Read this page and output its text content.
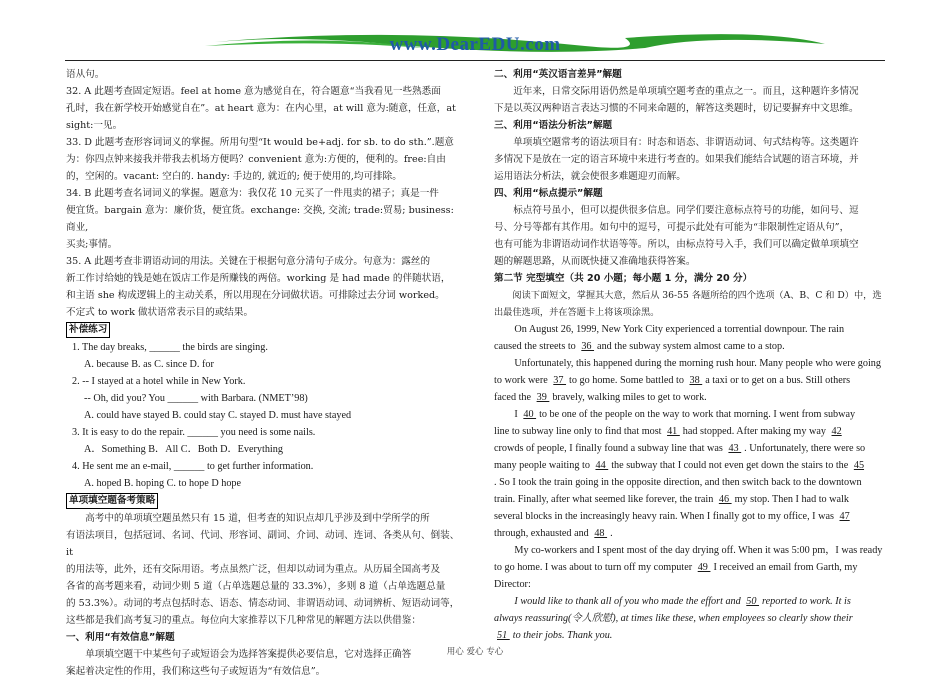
www.DearEDU.com

语从句。

32. A 此题考查固定短语。feel at home 意为感觉自在，符合题意“当我看见一些熟悉面

孔时，我在新学校开始感觉自在”。at heart 意为：在内心里，at will 意为:随意，任意，at

sight:一见。

33. D 此题考查形容词词义的掌握。所用句型“It would be+adj. for sb. to do sth.”.题意

为：你四点钟来接我并带我去机场方便吗？convenient 意为:方便的，便利的。free:自由

的，空闲的。vacant: 空白的. handy: 手边的, 就近的; 便于使用的,均可排除。

34. B 此题考查名词词义的掌握。题意为：我仅花 10 元买了一件甩卖的裙子；真是一件

便宜货。bargain 意为：廉价货，便宜货。exchange: 交换, 交流; trade:贸易; business: 商业,

买卖;事情。

35. A 此题考查非谓语动词的用法。关键在于根据句意分清句子成分。句意为：露丝的

新工作讨给她的钱是她在饭店工作是所赚钱的两倍。working 是 had made 的伴随状语，

和主语 she 构成逻辑上的主动关系，所以用现在分词做状语。可排除过去分词 worked。

不定式 to work 做状语常表示目的或结果。

补偿练习

1. The day breaks, ______ the birds are singing.

A. because B. as C. since D. for

2. -- I stayed at a hotel while in New York.

-- Oh, did you? You ______ with Barbara. (NMET’98)

A. could have stayed B. could stay C. stayed D. must have stayed

3. It is easy to do the repair. ______ you need is some nails.

A．Something B．All C．Both D．Everything

4. He sent me an e-mail, ______ to get further information.

A. hoped B. hoping C. to hope D hope

单项填空题备考策略

高考中的单项填空题虽然只有 15 道，但考查的知识点却几乎涉及到中学所学的所

有语法项目，包括冠词、名词、代词、形容词、副词、介词、动词、连词、各类从句、倒装、it

的用法等，此外，还有交际用语。考点虽然广泛，但却以动词为重点。从历届全国高考及

各省的高考题来看，动词少则 5 道（占单选题总量的 33.3%），多则 8 道（占单选题总量

的 53.3%）。动词的考点包括时态、语态、情态动词、非谓语动词、动词辨析、短语动词等，

这些都是我们高考复习的重点。每位向大家推荐以下几种常见的解题方法以供借鉴：

一、利用“有效信息”解题

单项填空题干中某些句子或短语会为选择答案提供必要信息，它对选择正确答

案起着决定性的作用，我们称这些句子或短语为“有效信息”。

二、利用“英汉语言差异”解题

近年来，日常交际用语仍然是单项填空题考查的重点之一。而且，这种题许多情况

下是以英汉两种语言表达习惯的不同来命题的，解答这类题时，切记要摒弃中文思维。

三、利用“语法分析法”解题

单项填空题常考的语法项目有：时态和语态、非谓语动词、句式结构等。这类题许

多情况下是放在一定的语言环境中来进行考查的。如果我们能结合试题的语言环境，并

运用语法分析法，就会使很多难题迎刃而解。

四、利用“标点提示”解题

标点符号虽小，但可以提供很多信息。同学们要注意标点符号的功能，如问号、逗

号、分号等都有其作用。如句中的逗号，可提示此处有可能为“非限制性定语从句”，

也有可能为非谓语动词作状语等等。所以，由标点符号入手，我们可以确定做单项填空

题的解题思路，从而既快捷又准确地获得答案。

第二节 完型填空（共 20 小题；每小题 1 分，满分 20 分）

阅读下面短文，掌握其大意，然后从 36-55 各题所给的四个选项（A、B、C 和 D）中，选

出最佳选项，并在答题卡上将该项涂黑。

On August 26, 1999, New York City experienced a torrential downpour. The rain

caused the streets to 36 and the subway system almost came to a stop.

Unfortunately, this happened during the morning rush hour. Many people who were going

to work were 37 to go home. Some battled to 38 a taxi or to get on a bus. Still others

faced the 39 bravely, walking miles to get to work.

I 40 to be one of the people on the way to work that morning. I went from subway

line to subway line only to find that most 41 had stopped. After making my way 42

crowds of people, I finally found a subway line that was 43 . Unfortunately, there were so

many people waiting to 44 the subway that I could not even get down the stairs to the 45

. So I took the train going in the opposite direction, and then switch back to the downtown

train. Finally, after what seemed like forever, the train 46 my stop. Then I had to walk

several blocks in the increasingly heavy rain. When I finally got to my office, I was 47

through, exhausted and 48 .

My co-workers and I spent most of the day drying off. When it was 5:00 pm，I was ready

to go home. I was about to turn off my computer 49 I received an email from Garth, my

Director:

I would like to thank all of you who made the effort and 50 reported to work. It is

always reassuring(令人欣慰), at times like these, when employees so clearly show their

51 to their jobs. Thank you.

用心 爱心 专心
